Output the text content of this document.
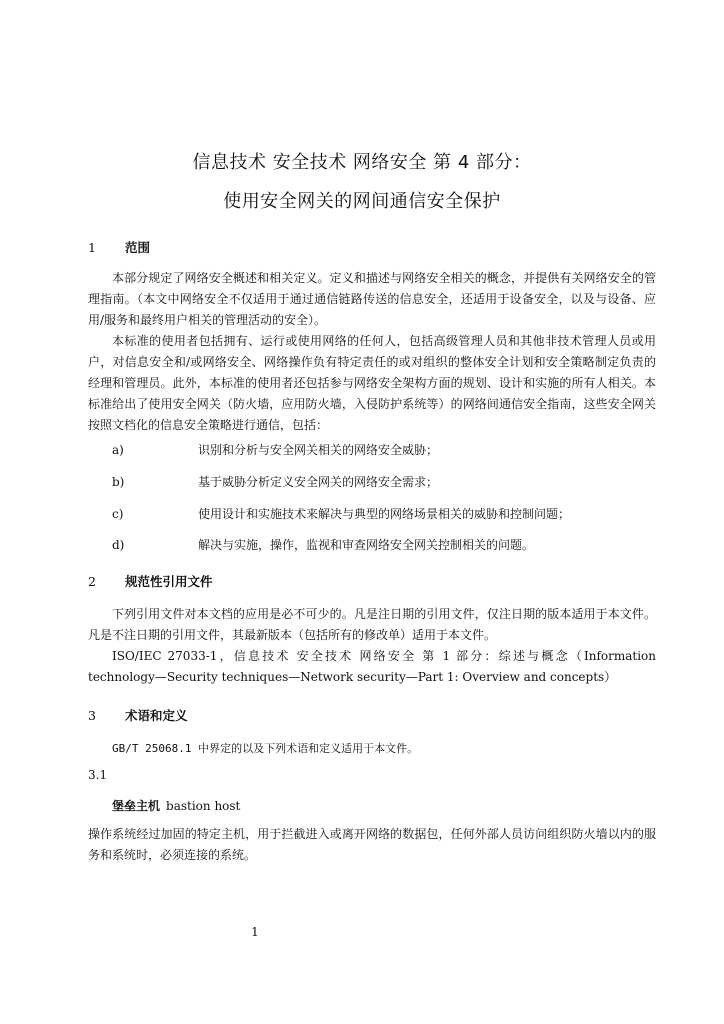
信息技术 安全技术 网络安全 第 4 部分：
使用安全网关的网间通信安全保护
1 范围

本部分规定了网络安全概述和相关定义。定义和描述与网络安全相关的概念，并提供有关网络安全的管理指南。（本文中网络安全不仅适用于通过通信链路传送的信息安全，还适用于设备安全，以及与设备、应用/服务和最终用户相关的管理活动的安全）。

本标准的使用者包括拥有、运行或使用网络的任何人，包括高级管理人员和其他非技术管理人员或用户，对信息安全和/或网络安全、网络操作负有特定责任的或对组织的整体安全计划和安全策略制定负责的经理和管理员。此外，本标准的使用者还包括参与网络安全架构方面的规划、设计和实施的所有人相关。本标准给出了使用安全网关（防火墙，应用防火墙，入侵防护系统等）的网络间通信安全指南，这些安全网关按照文档化的信息安全策略进行通信，包括：

a)	识别和分析与安全网关相关的网络安全威胁；
b)	基于威胁分析定义安全网关的网络安全需求；
c)	使用设计和实施技术来解决与典型的网络场景相关的威胁和控制问题；
d)	解决与实施，操作，监视和审查网络安全网关控制相关的问题。
2 规范性引用文件

下列引用文件对本文档的应用是必不可少的。凡是注日期的引用文件，仅注日期的版本适用于本文件。凡是不注日期的引用文件，其最新版本（包括所有的修改单）适用于本文件。

ISO/IEC 27033-1，信息技术 安全技术 网络安全 第 1 部分：综述与概念（Information technology—Security techniques—Network security—Part 1: Overview and concepts）

3 术语和定义

GB/T 25068.1 中界定的以及下列术语和定义适用于本文件。

3.1
堡垒主机 bastion host

操作系统经过加固的特定主机，用于拦截进入或离开网络的数据包，任何外部人员访问组织防火墙以内的服务和系统时，必须连接的系统。

1
